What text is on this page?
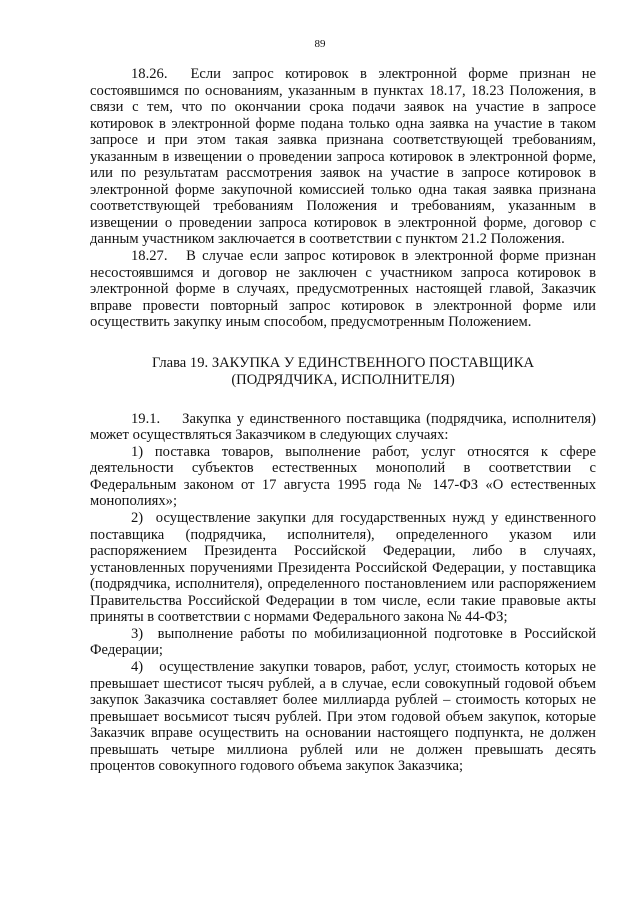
89

18.26.  Если запрос котировок в электронной форме признан не состоявшимся по основаниям, указанным в пунктах 18.17, 18.23 Положения, в связи с тем, что по окончании срока подачи заявок на участие в запросе котировок в электронной форме подана только одна заявка на участие в таком запросе и при этом такая заявка признана соответствующей требованиям, указанным в извещении о проведении запроса котировок в электронной форме, или по результатам рассмотрения заявок на участие в запросе котировок в электронной форме закупочной комиссией только одна такая заявка признана соответствующей требованиям Положения и требованиям, указанным в извещении о проведении запроса котировок в электронной форме, договор с данным участником заключается в соответствии с пунктом 21.2 Положения.

18.27.   В случае если запрос котировок в электронной форме признан несостоявшимся и договор не заключен с участником запроса котировок в электронной форме в случаях, предусмотренных настоящей главой, Заказчик вправе провести повторный запрос котировок в электронной форме или осуществить закупку иным способом, предусмотренным Положением.

Глава 19. ЗАКУПКА У ЕДИНСТВЕННОГО ПОСТАВЩИКА
(ПОДРЯДЧИКА, ИСПОЛНИТЕЛЯ)

19.1.    Закупка у единственного поставщика (подрядчика, исполнителя) может осуществляться Заказчиком в следующих случаях:

1) поставка товаров, выполнение работ, услуг относятся к сфере деятельности субъектов естественных монополий в соответствии с Федеральным законом от 17 августа 1995 года № 147-ФЗ «О естественных монополиях»;

2)  осуществление закупки для государственных нужд у единственного поставщика (подрядчика, исполнителя), определенного указом или распоряжением Президента Российской Федерации, либо в случаях, установленных поручениями Президента Российской Федерации, у поставщика (подрядчика, исполнителя), определенного постановлением или распоряжением Правительства Российской Федерации в том числе, если такие правовые акты приняты в соответствии с нормами Федерального закона № 44-ФЗ;

3)  выполнение работы по мобилизационной подготовке в Российской Федерации;

4)   осуществление закупки товаров, работ, услуг, стоимость которых не превышает шестисот тысяч рублей, а в случае, если совокупный годовой объем закупок Заказчика составляет более миллиарда рублей – стоимость которых не превышает восьмисот тысяч рублей. При этом годовой объем закупок, которые Заказчик вправе осуществить на основании настоящего подпункта, не должен превышать четыре миллиона рублей или не должен превышать десять процентов совокупного годового объема закупок Заказчика;
